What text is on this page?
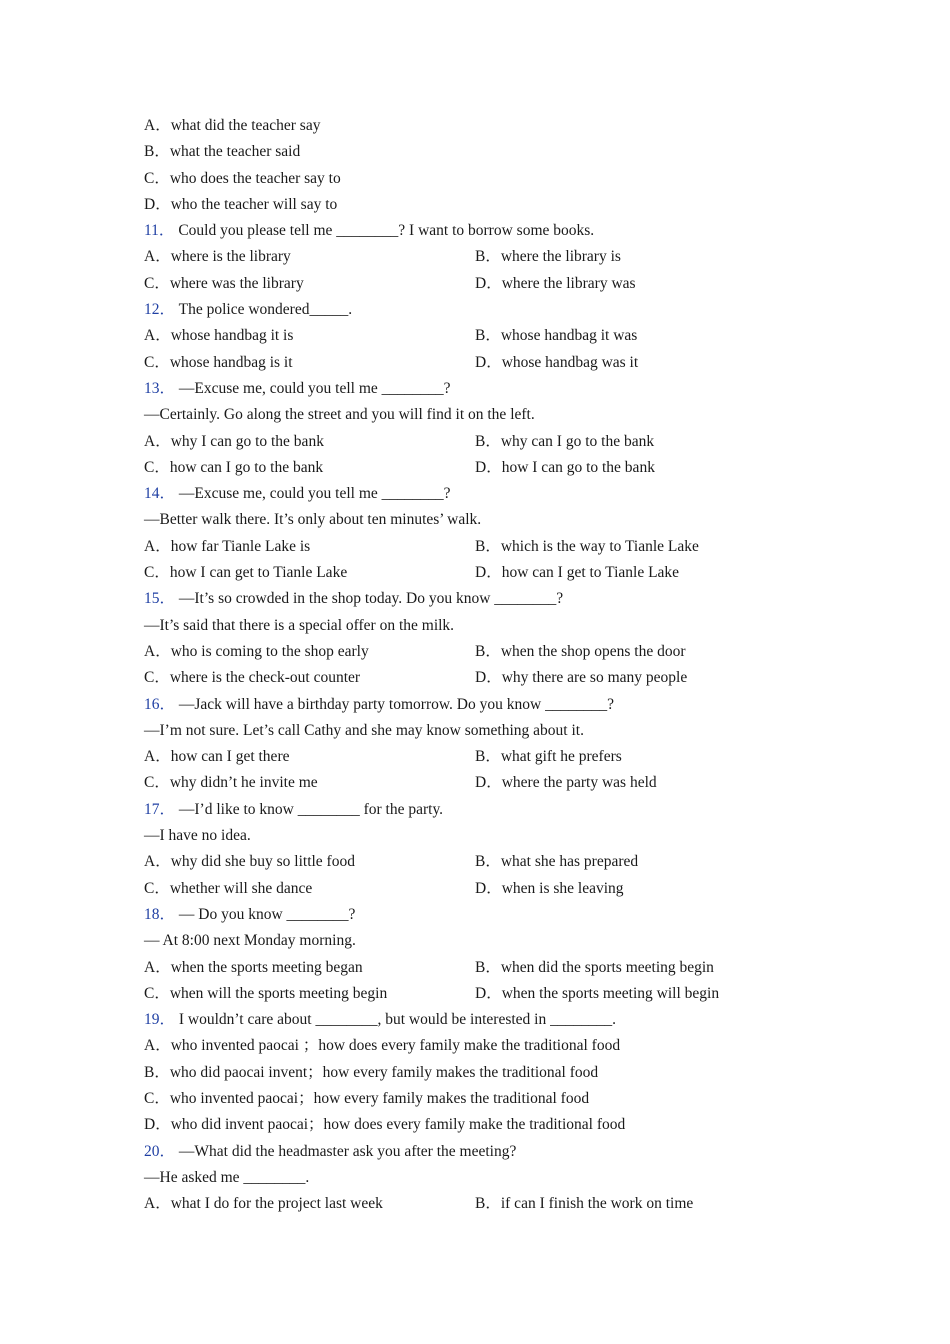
A．what did the teacher say
B．what the teacher said
C．who does the teacher say to
D．who the teacher will say to
11． Could you please tell me ________? I want to borrow some books.
A．where is the library	B．where the library is
C．where was the library	D．where the library was
12． The police wondered_____.
A．whose handbag it is	B．whose handbag it was
C．whose handbag is it	D．whose handbag was it
13． —Excuse me, could you tell me ________?
—Certainly. Go along the street and you will find it on the left.
A．why I can go to the bank	B．why can I go to the bank
C．how can I go to the bank	D．how I can go to the bank
14． —Excuse me, could you tell me ________?
—Better walk there. It’s only about ten minutes’ walk.
A．how far Tianle Lake is	B．which is the way to Tianle Lake
C．how I can get to Tianle Lake	D．how can I get to Tianle Lake
15． —It’s so crowded in the shop today. Do you know ________?
—It’s said that there is a special offer on the milk.
A．who is coming to the shop early	B．when the shop opens the door
C．where is the check-out counter	D．why there are so many people
16． —Jack will have a birthday party tomorrow. Do you know ________?
—I’m not sure. Let’s call Cathy and she may know something about it.
A．how can I get there	B．what gift he prefers
C．why didn’t he invite me	D．where the party was held
17． —I’d like to know ________ for the party.
—I have no idea.
A．why did she buy so little food	B．what she has prepared
C．whether will she dance	D．when is she leaving
18． — Do you know ________?
— At 8:00 next Monday morning.
A．when the sports meeting began	B．when did the sports meeting begin
C．when will the sports meeting begin	D．when the sports meeting will begin
19． I wouldn’t care about ________, but would be interested in ________.
A．who invented paocai ；how does every family make the traditional food
B．who did paocai invent；how every family makes the traditional food
C．who invented paocai；how every family makes the traditional food
D．who did invent paocai；how does every family make the traditional food
20． —What did the headmaster ask you after the meeting?
—He asked me ________.
A．what I do for the project last week	B．if can I finish the work on time
